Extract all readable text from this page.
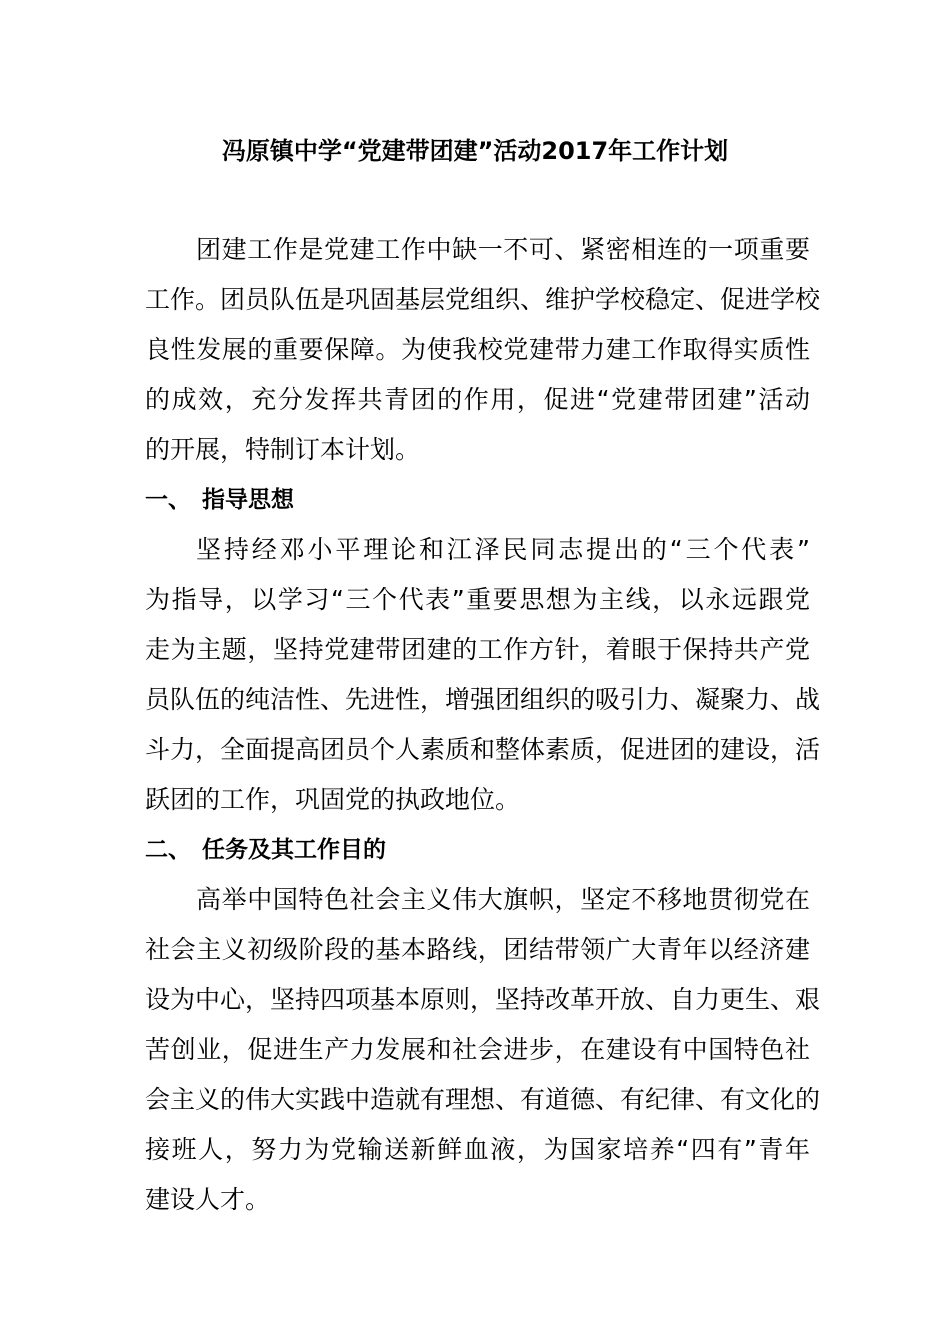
冯原镇中学“党建带团建”活动2017年工作计划
团建工作是党建工作中缺一不可、紧密相连的一项重要
工作。团员队伍是巩固基层党组织、维护学校稳定、促进学校
良性发展的重要保障。为使我校党建带力建工作取得实质性
的成效，充分发挥共青团的作用，促进“党建带团建”活动
的开展，特制订本计划。
一、 指导思想
坚持经邓小平理论和江泽民同志提出的“三个代表”
为指导，以学习“三个代表”重要思想为主线，以永远跟党
走为主题，坚持党建带团建的工作方针，着眼于保持共产党
员队伍的纯洁性、先进性，增强团组织的吸引力、凝聚力、战
斗力，全面提高团员个人素质和整体素质，促进团的建设，活
跃团的工作，巩固党的执政地位。
二、 任务及其工作目的
高举中国特色社会主义伟大旗帜，坚定不移地贯彻党在
社会主义初级阶段的基本路线，团结带领广大青年以经济建
设为中心，坚持四项基本原则，坚持改革开放、自力更生、艰
苦创业，促进生产力发展和社会进步，在建设有中国特色社
会主义的伟大实践中造就有理想、有道德、有纪律、有文化的
接班人，努力为党输送新鲜血液，为国家培养“四有”青年
建设人才。
